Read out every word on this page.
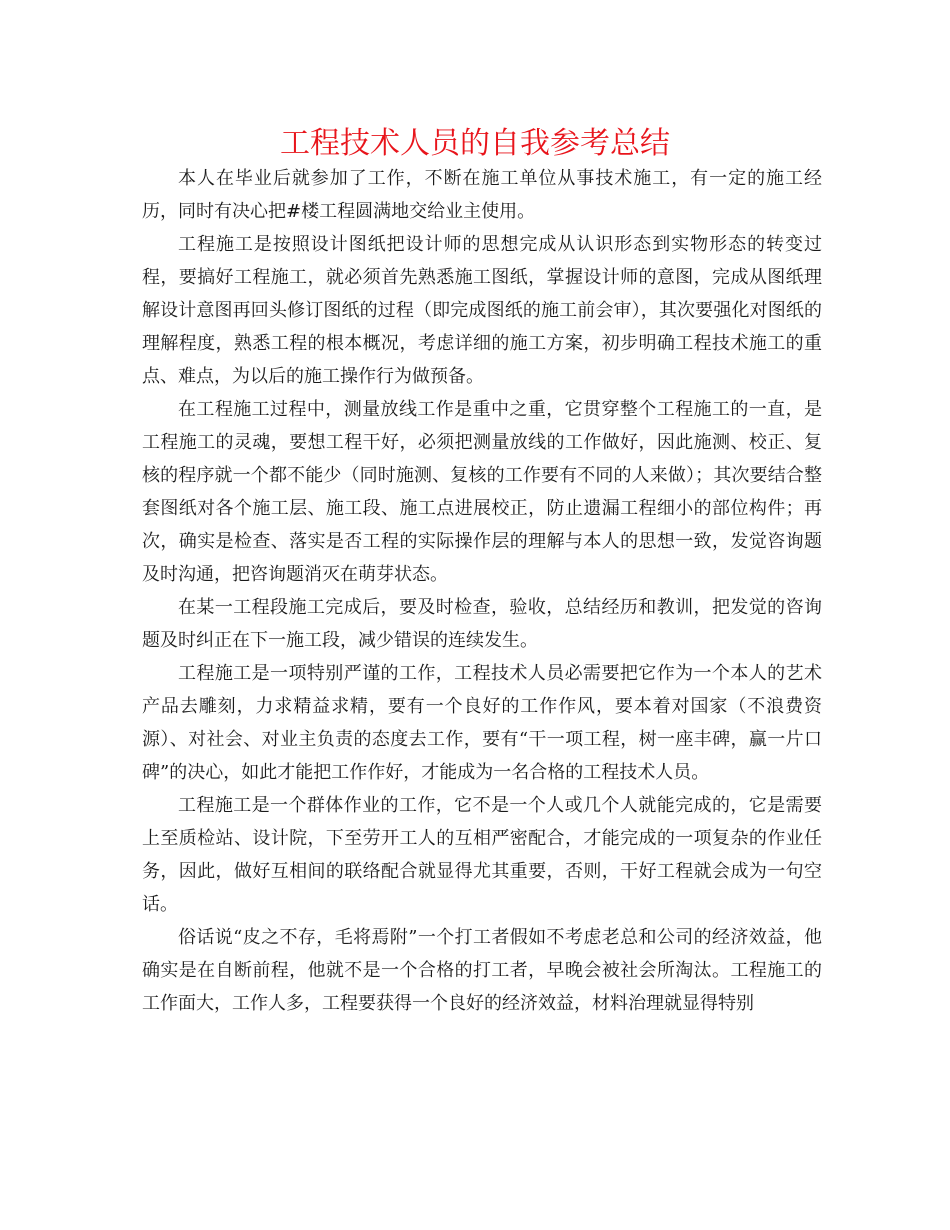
工程技术人员的自我参考总结

本人在毕业后就参加了工作，不断在施工单位从事技术施工，有一定的施工经历，同时有决心把#楼工程圆满地交给业主使用。

工程施工是按照设计图纸把设计师的思想完成从认识形态到实物形态的转变过程，要搞好工程施工，就必须首先熟悉施工图纸，掌握设计师的意图，完成从图纸理解设计意图再回头修订图纸的过程（即完成图纸的施工前会审），其次要强化对图纸的理解程度，熟悉工程的根本概况，考虑详细的施工方案，初步明确工程技术施工的重点、难点，为以后的施工操作行为做预备。

在工程施工过程中，测量放线工作是重中之重，它贯穿整个工程施工的一直，是工程施工的灵魂，要想工程干好，必须把测量放线的工作做好，因此施测、校正、复核的程序就一个都不能少（同时施测、复核的工作要有不同的人来做）；其次要结合整套图纸对各个施工层、施工段、施工点进展校正，防止遗漏工程细小的部位构件；再次，确实是检查、落实是否工程的实际操作层的理解与本人的思想一致，发觉咨询题及时沟通，把咨询题消灭在萌芽状态。

在某一工程段施工完成后，要及时检查，验收，总结经历和教训，把发觉的咨询题及时纠正在下一施工段，减少错误的连续发生。

工程施工是一项特别严谨的工作，工程技术人员必需要把它作为一个本人的艺术产品去雕刻，力求精益求精，要有一个良好的工作作风，要本着对国家（不浪费资源）、对社会、对业主负责的态度去工作，要有“干一项工程，树一座丰碑，赢一片口碑”的决心，如此才能把工作作好，才能成为一名合格的工程技术人员。

工程施工是一个群体作业的工作，它不是一个人或几个人就能完成的，它是需要上至质检站、设计院，下至劳开工人的互相严密配合，才能完成的一项复杂的作业任务，因此，做好互相间的联络配合就显得尤其重要，否则，干好工程就会成为一句空话。

俗话说“皮之不存，毛将焉附”一个打工者假如不考虑老总和公司的经济效益，他确实是在自断前程，他就不是一个合格的打工者，早晚会被社会所淘汰。工程施工的工作面大，工作人多，工程要获得一个良好的经济效益，材料治理就显得特别
